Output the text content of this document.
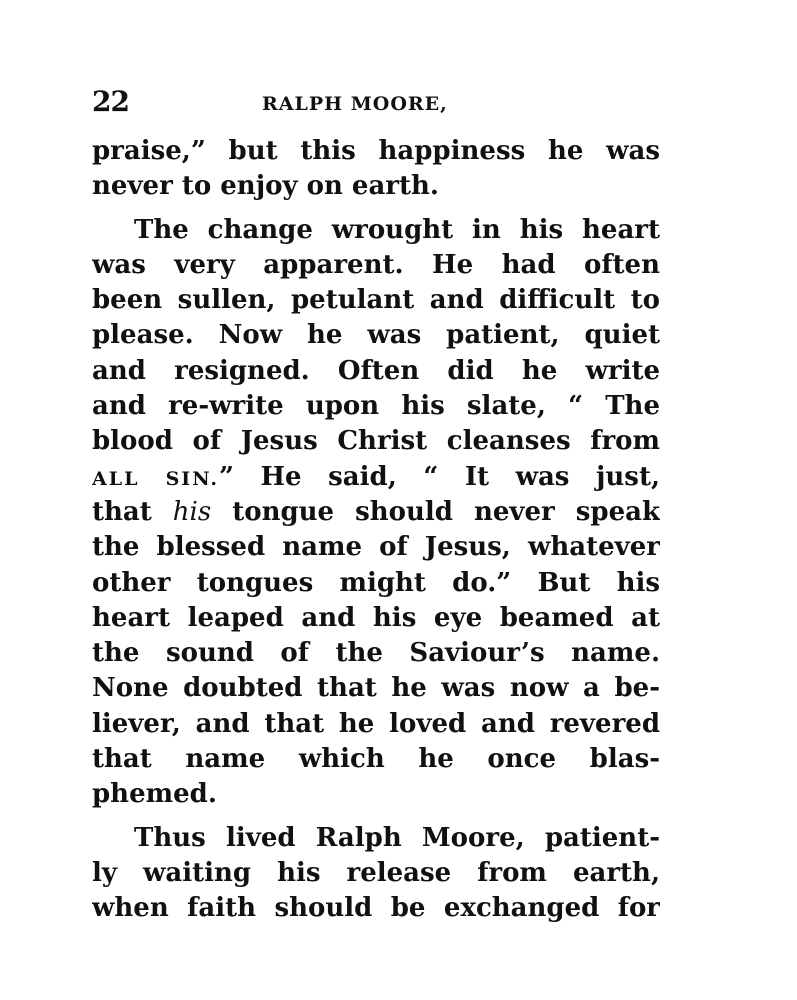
22	RALPH MOORE,
praise,” but this happiness he was
never to enjoy on earth.
The change wrought in his heart
was very apparent. He had often
been sullen, petulant and difficult to
please. Now he was patient, quiet
and resigned. Often did he write
and re-write upon his slate, “ The
blood of Jesus Christ cleanses from
ALL SIN.” He said, “ It was just,
that his tongue should never speak
the blessed name of Jesus, whatever
other tongues might do.” But his
heart leaped and his eye beamed at
the sound of the Saviour’s name.
None doubted that he was now a be-
liever, and that he loved and revered
that name which he once blas-
phemed.
Thus lived Ralph Moore, patient-
ly waiting his release from earth,
when faith should be exchanged for
